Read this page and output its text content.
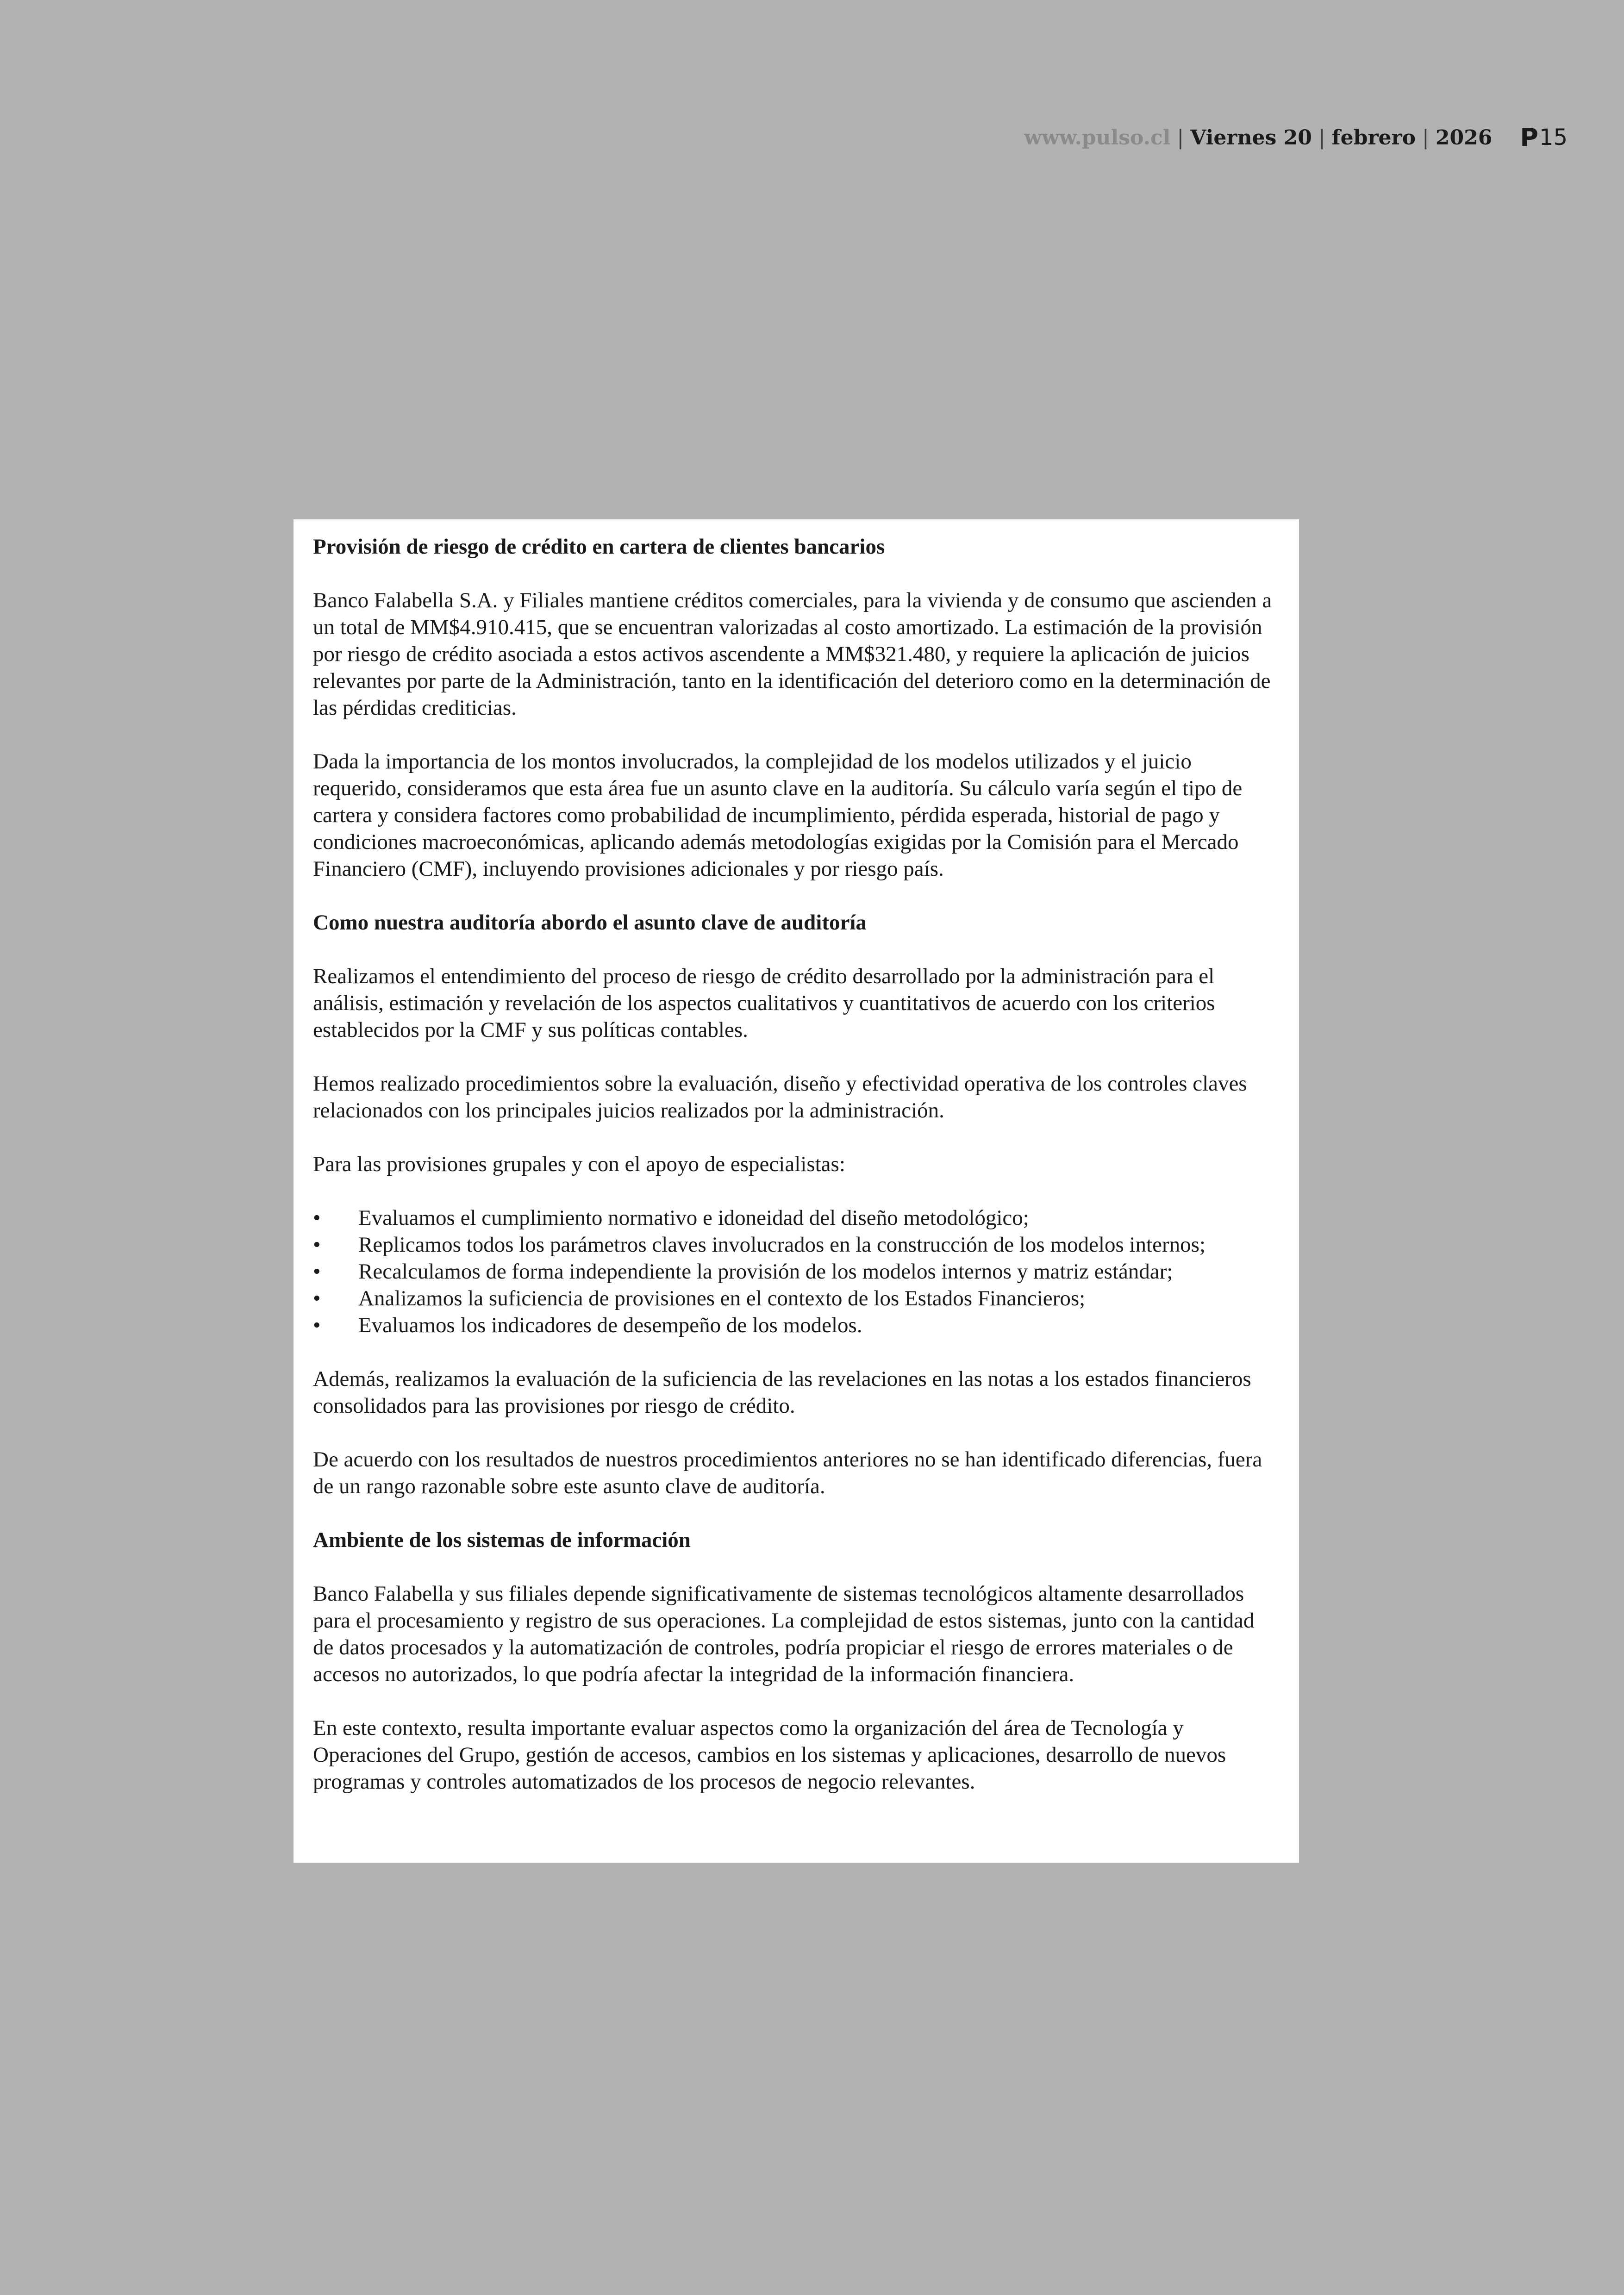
www.pulso.cl | Viernes 20 | febrero | 2026 P 15
Provisión de riesgo de crédito en cartera de clientes bancarios

Banco Falabella S.A. y Filiales mantiene créditos comerciales, para la vivienda y de consumo que ascienden a un total de MM$4.910.415, que se encuentran valorizadas al costo amortizado. La estimación de la provisión por riesgo de crédito asociada a estos activos ascendente a MM$321.480, y requiere la aplicación de juicios relevantes por parte de la Administración, tanto en la identificación del deterioro como en la determinación de las pérdidas crediticias.

Dada la importancia de los montos involucrados, la complejidad de los modelos utilizados y el juicio requerido, consideramos que esta área fue un asunto clave en la auditoría. Su cálculo varía según el tipo de cartera y considera factores como probabilidad de incumplimiento, pérdida esperada, historial de pago y condiciones macroeconómicas, aplicando además metodologías exigidas por la Comisión para el Mercado Financiero (CMF), incluyendo provisiones adicionales y por riesgo país.

Como nuestra auditoría abordo el asunto clave de auditoría

Realizamos el entendimiento del proceso de riesgo de crédito desarrollado por la administración para el análisis, estimación y revelación de los aspectos cualitativos y cuantitativos de acuerdo con los criterios establecidos por la CMF y sus políticas contables.

Hemos realizado procedimientos sobre la evaluación, diseño y efectividad operativa de los controles claves relacionados con los principales juicios realizados por la administración.

Para las provisiones grupales y con el apoyo de especialistas:

•	Evaluamos el cumplimiento normativo e idoneidad del diseño metodológico;
•	Replicamos todos los parámetros claves involucrados en la construcción de los modelos internos;
•	Recalculamos de forma independiente la provisión de los modelos internos y matriz estándar;
•	Analizamos la suficiencia de provisiones en el contexto de los Estados Financieros;
•	Evaluamos los indicadores de desempeño de los modelos.

Además, realizamos la evaluación de la suficiencia de las revelaciones en las notas a los estados financieros consolidados para las provisiones por riesgo de crédito.

De acuerdo con los resultados de nuestros procedimientos anteriores no se han identificado diferencias, fuera de un rango razonable sobre este asunto clave de auditoría.

Ambiente de los sistemas de información

Banco Falabella y sus filiales depende significativamente de sistemas tecnológicos altamente desarrollados para el procesamiento y registro de sus operaciones. La complejidad de estos sistemas, junto con la cantidad de datos procesados y la automatización de controles, podría propiciar el riesgo de errores materiales o de accesos no autorizados, lo que podría afectar la integridad de la información financiera.

En este contexto, resulta importante evaluar aspectos como la organización del área de Tecnología y Operaciones del Grupo, gestión de accesos, cambios en los sistemas y aplicaciones, desarrollo de nuevos programas y controles automatizados de los procesos de negocio relevantes.
